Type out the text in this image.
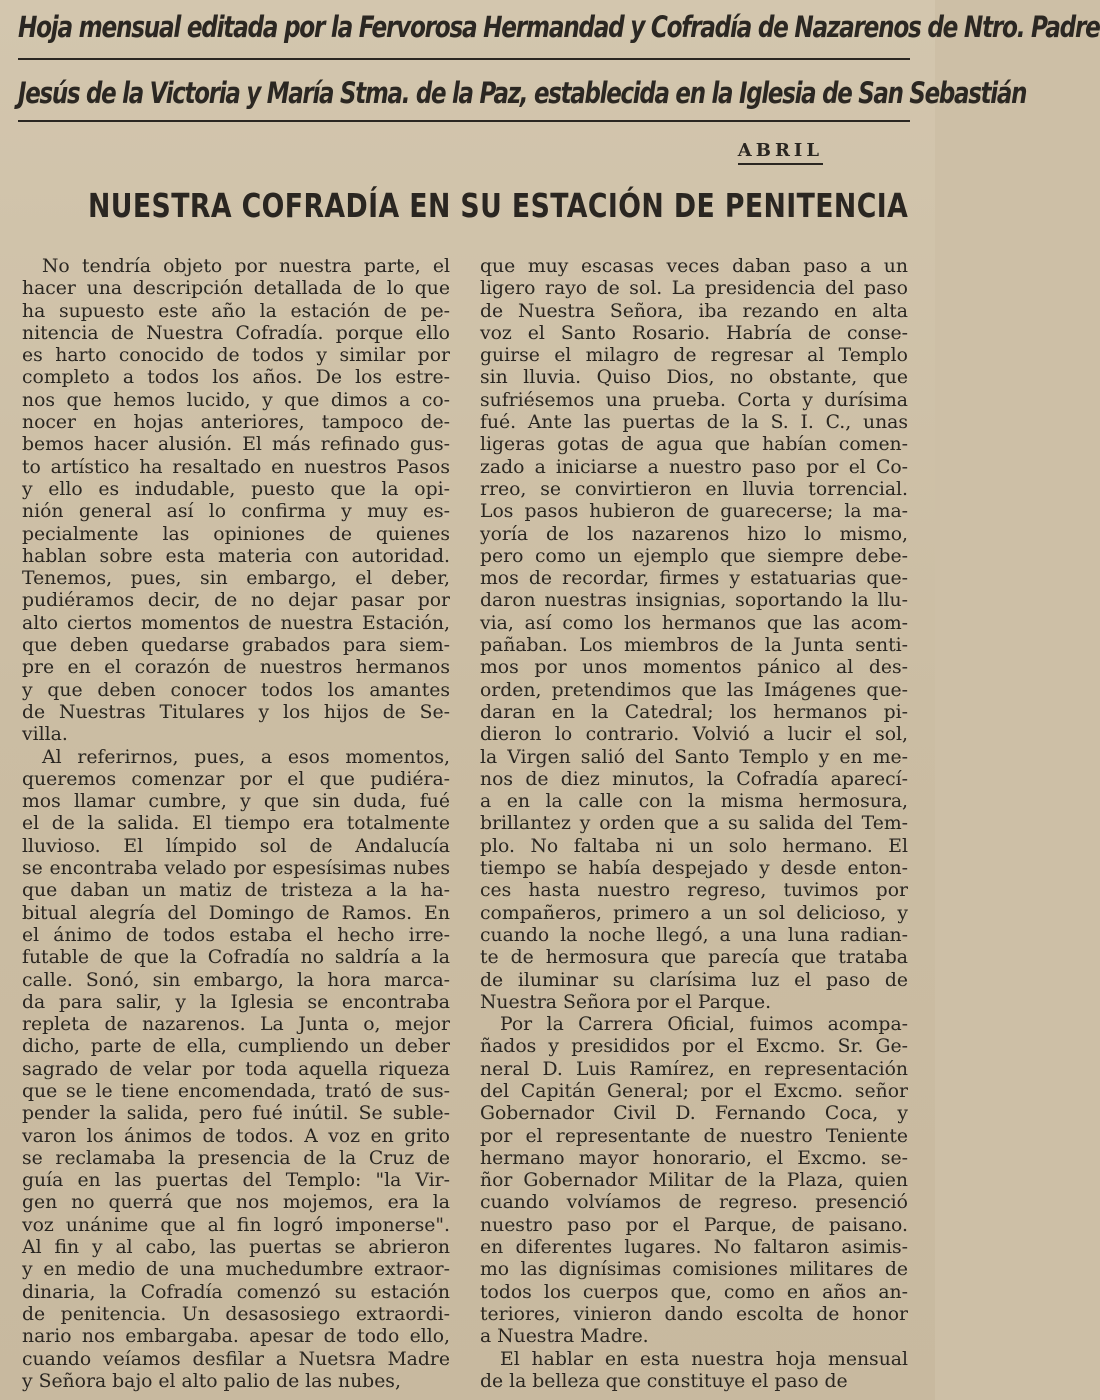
Hoja mensual editada por la Fervorosa Hermandad y Cofradía de Nazarenos de Ntro. Padre
Jesús de la Victoria y María Stma. de la Paz, establecida en la Iglesia de San Sebastián
ABRIL
NUESTRA COFRADÍA EN SU ESTACIÓN DE PENITENCIA
No tendría objeto por nuestra parte, el
hacer una descripción detallada de lo que
ha supuesto este año la estación de pe-
nitencia de Nuestra Cofradía. porque ello
es harto conocido de todos y similar por
completo a todos los años. De los estre-
nos que hemos lucido, y que dimos a co-
nocer en hojas anteriores, tampoco de-
bemos hacer alusión. El más refinado gus-
to artístico ha resaltado en nuestros Pasos
y ello es indudable, puesto que la opi-
nión general así lo confirma y muy es-
pecialmente las opiniones de quienes
hablan sobre esta materia con autoridad.
Tenemos, pues, sin embargo, el deber,
pudiéramos decir, de no dejar pasar por
alto ciertos momentos de nuestra Estación,
que deben quedarse grabados para siem-
pre en el corazón de nuestros hermanos
y que deben conocer todos los amantes
de Nuestras Titulares y los hijos de Se-
villa.
Al referirnos, pues, a esos momentos,
queremos comenzar por el que pudiéra-
mos llamar cumbre, y que sin duda, fué
el de la salida. El tiempo era totalmente
lluvioso. El límpido sol de Andalucía
se encontraba velado por espesísimas nubes
que daban un matiz de tristeza a la ha-
bitual alegría del Domingo de Ramos. En
el ánimo de todos estaba el hecho irre-
futable de que la Cofradía no saldría a la
calle. Sonó, sin embargo, la hora marca-
da para salir, y la Iglesia se encontraba
repleta de nazarenos. La Junta o, mejor
dicho, parte de ella, cumpliendo un deber
sagrado de velar por toda aquella riqueza
que se le tiene encomendada, trató de sus-
pender la salida, pero fué inútil. Se suble-
varon los ánimos de todos. A voz en grito
se reclamaba la presencia de la Cruz de
guía en las puertas del Templo: "la Vir-
gen no querrá que nos mojemos, era la
voz unánime que al fin logró imponerse".
Al fin y al cabo, las puertas se abrieron
y en medio de una muchedumbre extraor-
dinaria, la Cofradía comenzó su estación
de penitencia. Un desasosiego extraordi-
nario nos embargaba. apesar de todo ello,
cuando veíamos desfilar a Nuetsra Madre
y Señora bajo el alto palio de las nubes,
que muy escasas veces daban paso a un
ligero rayo de sol. La presidencia del paso
de Nuestra Señora, iba rezando en alta
voz el Santo Rosario. Habría de conse-
guirse el milagro de regresar al Templo
sin lluvia. Quiso Dios, no obstante, que
sufriésemos una prueba. Corta y durísima
fué. Ante las puertas de la S. I. C., unas
ligeras gotas de agua que habían comen-
zado a iniciarse a nuestro paso por el Co-
rreo, se convirtieron en lluvia torrencial.
Los pasos hubieron de guarecerse; la ma-
yoría de los nazarenos hizo lo mismo,
pero como un ejemplo que siempre debe-
mos de recordar, firmes y estatuarias que-
daron nuestras insignias, soportando la llu-
via, así como los hermanos que las acom-
pañaban. Los miembros de la Junta senti-
mos por unos momentos pánico al des-
orden, pretendimos que las Imágenes que-
daran en la Catedral; los hermanos pi-
dieron lo contrario. Volvió a lucir el sol,
la Virgen salió del Santo Templo y en me-
nos de diez minutos, la Cofradía aparecí-
a en la calle con la misma hermosura,
brillantez y orden que a su salida del Tem-
plo. No faltaba ni un solo hermano. El
tiempo se había despejado y desde enton-
ces hasta nuestro regreso, tuvimos por
compañeros, primero a un sol delicioso, y
cuando la noche llegó, a una luna radian-
te de hermosura que parecía que trataba
de iluminar su clarísima luz el paso de
Nuestra Señora por el Parque.
Por la Carrera Oficial, fuimos acompa-
ñados y presididos por el Excmo. Sr. Ge-
neral D. Luis Ramírez, en representación
del Capitán General; por el Excmo. señor
Gobernador Civil D. Fernando Coca, y
por el representante de nuestro Teniente
hermano mayor honorario, el Excmo. se-
ñor Gobernador Militar de la Plaza, quien
cuando volvíamos de regreso. presenció
nuestro paso por el Parque, de paisano.
en diferentes lugares. No faltaron asimis-
mo las dignísimas comisiones militares de
todos los cuerpos que, como en años an-
teriores, vinieron dando escolta de honor
a Nuestra Madre.
El hablar en esta nuestra hoja mensual
de la belleza que constituye el paso de
